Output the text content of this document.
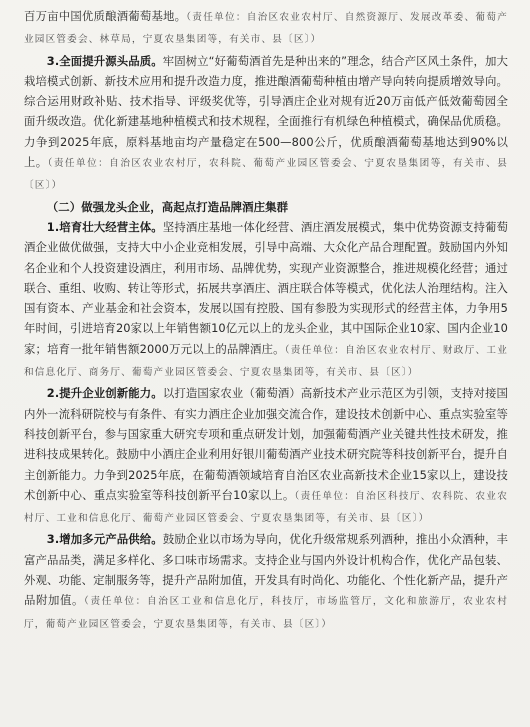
百万亩中国优质酿酒葡萄基地。（责任单位：自治区农业农村厅、自然资源厅、发展改革委、葡萄产业园区管委会、林草局，宁夏农垦集团等，有关市、县〔区〕）

3.全面提升源头品质。牢固树立“好葡萄酒首先是种出来的”理念，结合产区风土条件，加大栽培模式创新、新技术应用和提升改造力度，推进酿酒葡萄种植由增产导向转向提质增效导向。综合运用财政补贴、技术指导、评级奖优等，引导酒庄企业对规有近20万亩低产低效葡萄园全面升级改造。优化新建基地种植模式和技术规程，全面推行有机绿色种植模式，确保品优质稳。力争到2025年底，原料基地亩均产量稳定在500—800公斤，优质酿酒葡萄基地达到90%以上。（责任单位：自治区农业农村厅，农科院、葡萄产业园区管委会、宁夏农垦集团等，有关市、县〔区〕）

（二）做强龙头企业，高起点打造品牌酒庄集群

1.培育壮大经营主体。坚持酒庄基地一体化经营、酒庄酒发展模式，集中优势资源支持葡萄酒企业做优做强，支持大中小企业竞相发展，引导中高端、大众化产品合理配置。鼓励国内外知名企业和个人投资建设酒庄，利用市场、品牌优势，实现产业资源整合，推进规模化经营；通过联合、重组、收购、转让等形式，拓展共享酒庄、酒庄联合体等模式，优化法人治理结构。注入国有资本、产业基金和社会资本，发展以国有控股、国有参股为实现形式的经营主体，力争用5年时间，引进培育20家以上年销售额10亿元以上的龙头企业，其中国际企业10家、国内企业10家；培育一批年销售额2000万元以上的品牌酒庄。（责任单位：自治区农业农村厅、财政厅、工业和信息化厅、商务厅、葡萄产业园区管委会、宁夏农垦集团等，有关市、县〔区〕）

2.提升企业创新能力。以打造国家农业（葡萄酒）高新技术产业示范区为引领，支持对接国内外一流科研院校与有条件、有实力酒庄企业加强交流合作，建设技术创新中心、重点实验室等科技创新平台，参与国家重大研究专项和重点研发计划，加强葡萄酒产业关键共性技术研发，推进科技成果转化。鼓励中小酒庄企业利用好银川葡萄酒产业技术研究院等科技创新平台，提升自主创新能力。力争到2025年底，在葡萄酒领域培育自治区农业高新技术企业15家以上，建设技术创新中心、重点实验室等科技创新平台10家以上。（责任单位：自治区科技厅、农科院、农业农村厅、工业和信息化厅、葡萄产业园区管委会、宁夏农垦集团等，有关市、县〔区〕）

3.增加多元产品供给。鼓励企业以市场为导向，优化升级常规系列酒种，推出小众酒种，丰富产品品类，满足多样化、多口味市场需求。支持企业与国内外设计机构合作，优化产品包装、外观、功能、定制服务等，提升产品附加值，开发具有时尚化、功能化、个性化新产品，提升产品附加值。（责任单位：自治区工业和信息化厅，科技厅，市场监管厅，文化和旅游厅，农业农村厅，葡萄产业园区管委会，宁夏农垦集团等，有关市、县〔区〕）
